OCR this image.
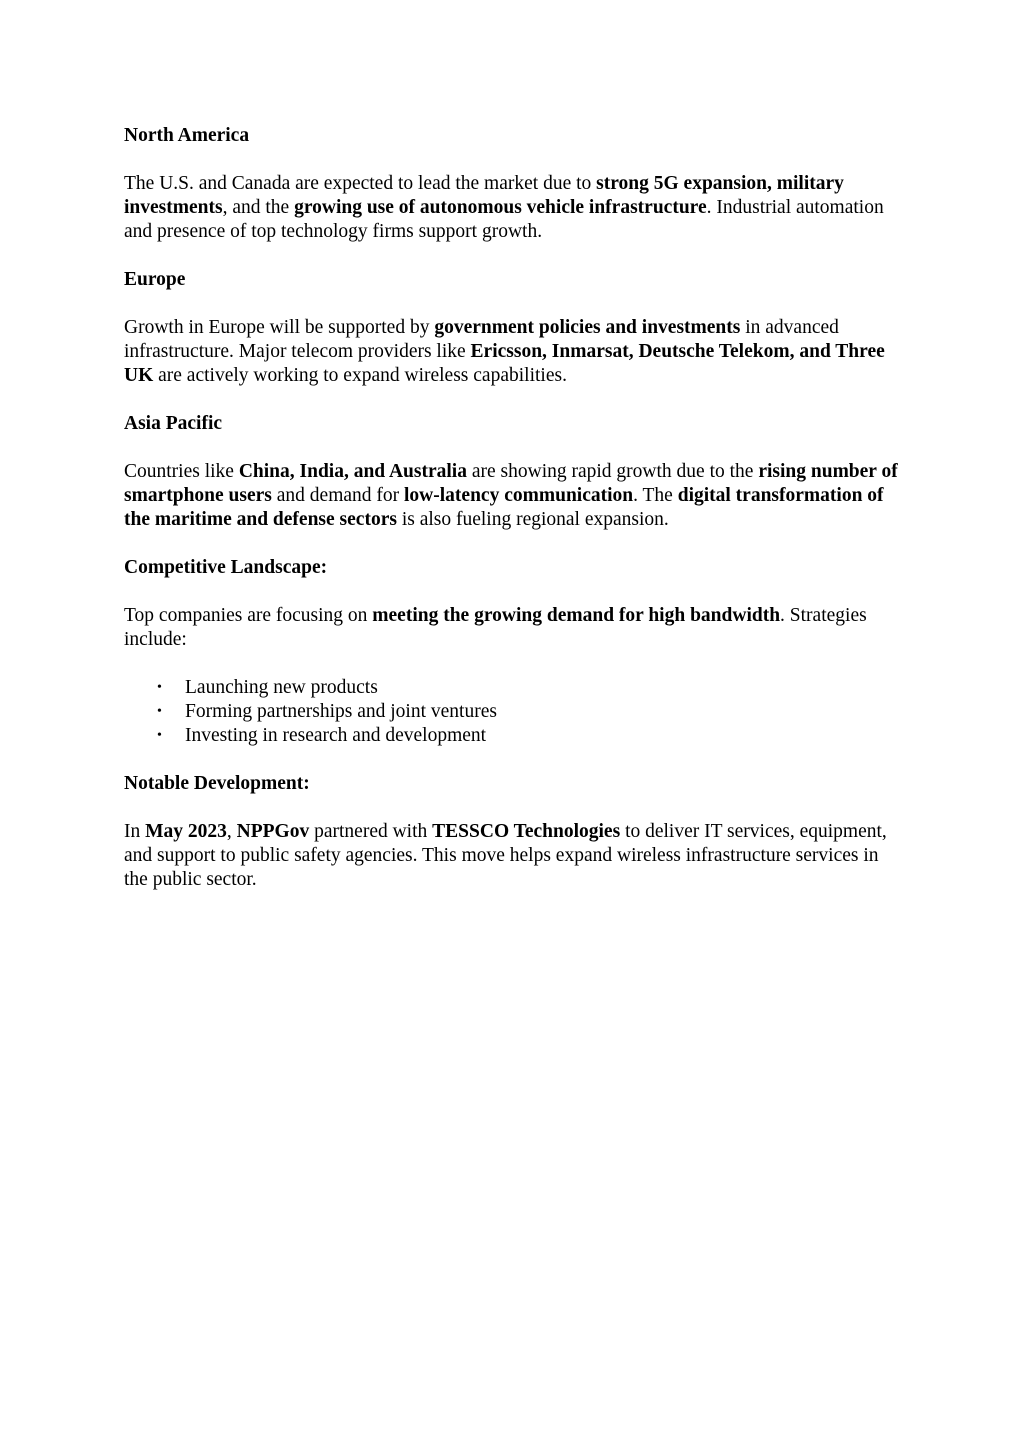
North America

The U.S. and Canada are expected to lead the market due to strong 5G expansion, military investments, and the growing use of autonomous vehicle infrastructure. Industrial automation and presence of top technology firms support growth.

Europe

Growth in Europe will be supported by government policies and investments in advanced infrastructure. Major telecom providers like Ericsson, Inmarsat, Deutsche Telekom, and Three UK are actively working to expand wireless capabilities.

Asia Pacific

Countries like China, India, and Australia are showing rapid growth due to the rising number of smartphone users and demand for low-latency communication. The digital transformation of the maritime and defense sectors is also fueling regional expansion.

Competitive Landscape:

Top companies are focusing on meeting the growing demand for high bandwidth. Strategies include:

• Launching new products
• Forming partnerships and joint ventures
• Investing in research and development

Notable Development:

In May 2023, NPPGov partnered with TESSCO Technologies to deliver IT services, equipment, and support to public safety agencies. This move helps expand wireless infrastructure services in the public sector.
